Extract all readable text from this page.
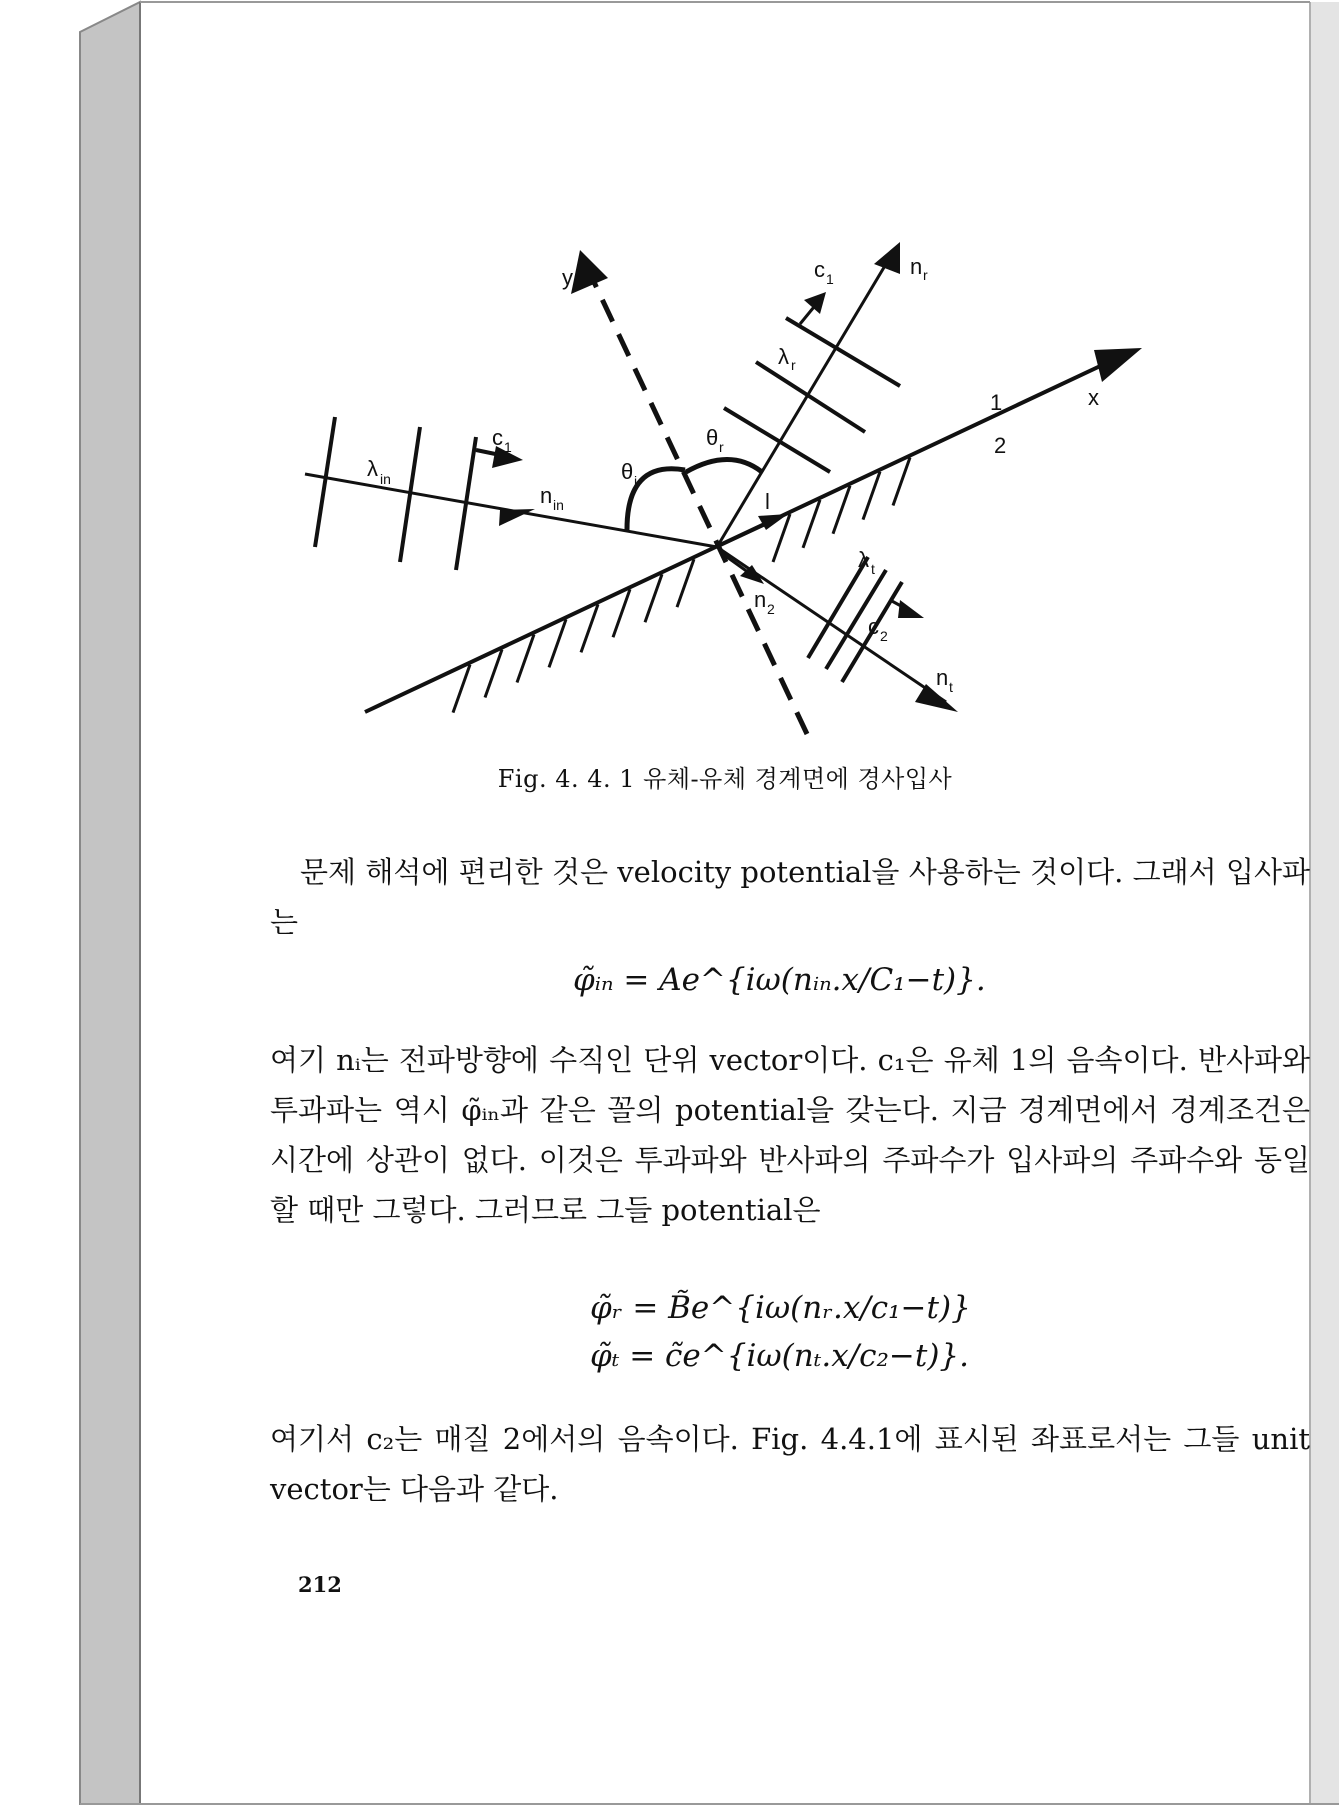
y
x
c 1	n r
λ r
1
2
λ in
c 1
n in
θ i
θ r
l
λ t
n 2
c 2
n t
Fig. 4. 4. 1 유체-유체 경계면에 경사입사

문제 해석에 편리한 것은 velocity potential을 사용하는 것이다. 그래서 입사파는

φ̃ᵢₙ = Ae^{iω(nᵢₙ.x/C₁−t)}.

여기 nᵢ는 전파방향에 수직인 단위 vector이다. c₁은 유체 1의 음속이다. 반사파와 투과파는 역시 φ̃ᵢₙ과 같은 꼴의 potential을 갖는다. 지금 경계면에서 경계조건은 시간에 상관이 없다. 이것은 투과파와 반사파의 주파수가 입사파의 주파수와 동일할 때만 그렇다. 그러므로 그들 potential은

φ̃ᵣ = B̃e^{iω(nᵣ.x/c₁−t)}
φ̃ₜ = c̃e^{iω(nₜ.x/c₂−t)}.

여기서 c₂는 매질 2에서의 음속이다. Fig. 4.4.1에 표시된 좌표로서는 그들 unit vector는 다음과 같다.

212
